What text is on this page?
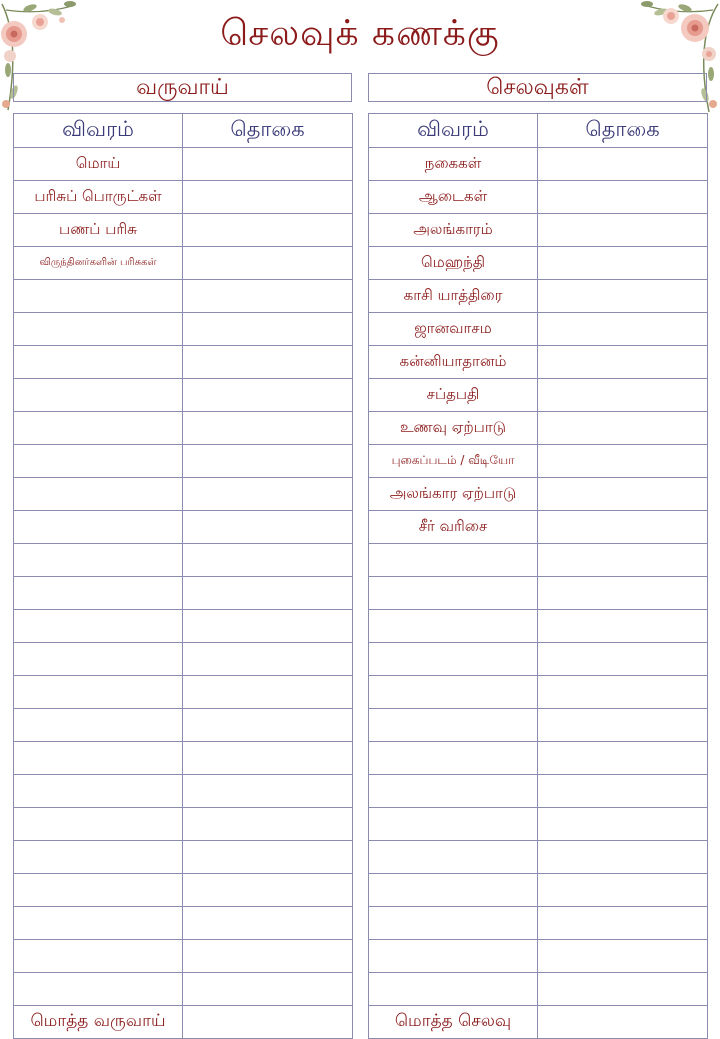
செலவுக் கணக்கு
வருவாய்
விவரம்	தொகை
மொய்	
பரிசுப் பொருட்கள்	
பணப் பரிசு	
விருந்தினர்களின் பரிசுகள்	

மொத்த வருவாய்	
செலவுகள்
விவரம்	தொகை
நகைகள்	
ஆடைகள்	
அலங்காரம்	
மெஹந்தி	
காசி யாத்திரை	
ஜானவாசம	
கன்னியாதானம்	
சப்தபதி	
உணவு ஏற்பாடு	
புகைப்படம் / வீடியோ	
அலங்கார ஏற்பாடு	
சீர் வரிசை	

மொத்த செலவு	
